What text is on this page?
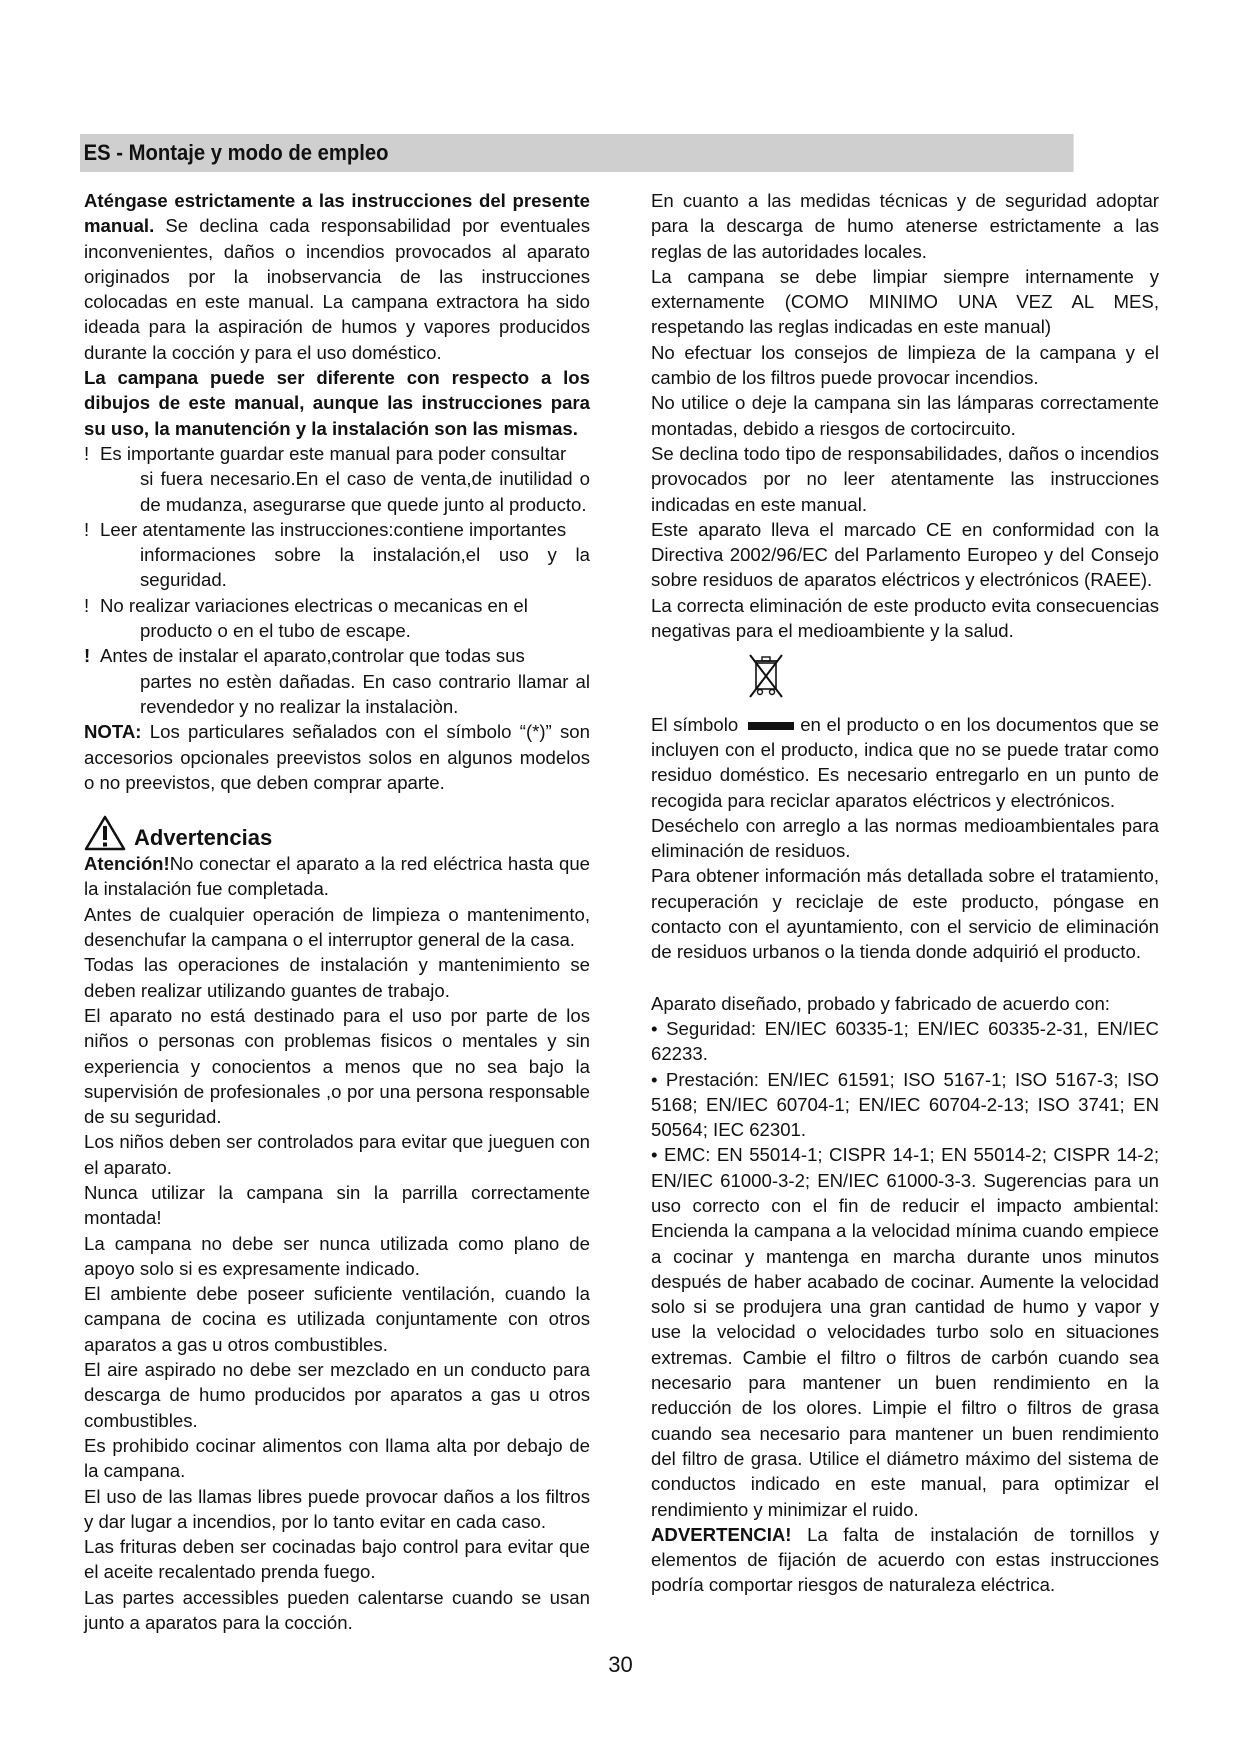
ES - Montaje y modo de empleo

Aténgase estrictamente a las instrucciones del presente manual. Se declina cada responsabilidad por eventuales inconvenientes, daños o incendios provocados al aparato originados por la inobservancia de las instrucciones colocadas en este manual. La campana extractora ha sido ideada para la aspiración de humos y vapores producidos durante la cocción y para el uso doméstico.

La campana puede ser diferente con respecto a los dibujos de este manual, aunque las instrucciones para su uso, la manutención y la instalación son las mismas.

! Es importante guardar este manual para poder consultar
si fuera necesario.En el caso de venta,de inutilidad o de mudanza, asegurarse que quede junto al producto.
! Leer atentamente las instrucciones:contiene importantes
informaciones sobre la instalación,el uso y la seguridad.
! No realizar variaciones electricas o mecanicas en el
producto o en el tubo de escape.
! Antes de instalar el aparato,controlar que todas sus
partes no estèn dañadas. En caso contrario llamar al revendedor y no realizar la instalaciòn.

NOTA: Los particulares señalados con el símbolo “(*)” son accesorios opcionales preevistos solos en algunos modelos o no preevistos, que deben comprar aparte.

Advertencias

Atención!No conectar el aparato a la red eléctrica hasta que la instalación fue completada.

Antes de cualquier operación de limpieza o mantenimento, desenchufar la campana o el interruptor general de la casa.

Todas las operaciones de instalación y mantenimiento se deben realizar utilizando guantes de trabajo.

El aparato no está destinado para el uso por parte de los niños o personas con problemas fisicos o mentales y sin experiencia y conocientos a menos que no sea bajo la supervisión de profesionales ,o por una persona responsable de su seguridad.

Los niños deben ser controlados para evitar que jueguen con el aparato.

Nunca utilizar la campana sin la parrilla correctamente montada!

La campana no debe ser nunca utilizada como plano de apoyo solo si es expresamente indicado.

El ambiente debe poseer suficiente ventilación, cuando la campana de cocina es utilizada conjuntamente con otros aparatos a gas u otros combustibles.

El aire aspirado no debe ser mezclado en un conducto para descarga de humo producidos por aparatos a gas u otros combustibles.

Es prohibido cocinar alimentos con llama alta por debajo de la campana.

El uso de las llamas libres puede provocar daños a los filtros y dar lugar a incendios, por lo tanto evitar en cada caso.

Las frituras deben ser cocinadas bajo control para evitar que el aceite recalentado prenda fuego.

Las partes accessibles pueden calentarse cuando se usan junto a aparatos para la cocción.

En cuanto a las medidas técnicas y de seguridad adoptar para la descarga de humo atenerse estrictamente a las reglas de las autoridades locales.

La campana se debe limpiar siempre internamente y externamente (COMO MINIMO UNA VEZ AL MES, respetando las reglas indicadas en este manual)

No efectuar los consejos de limpieza de la campana y el cambio de los filtros puede provocar incendios.

No utilice o deje la campana sin las lámparas correctamente montadas, debido a riesgos de cortocircuito.

Se declina todo tipo de responsabilidades, daños o incendios provocados por no leer atentamente las instrucciones indicadas en este manual.

Este aparato lleva el marcado CE en conformidad con la Directiva 2002/96/EC del Parlamento Europeo y del Consejo sobre residuos de aparatos eléctricos y electrónicos (RAEE).

La correcta eliminación de este producto evita consecuencias negativas para el medioambiente y la salud.

El símbolo	en el producto o en los documentos que se incluyen con el producto, indica que no se puede tratar como residuo doméstico. Es necesario entregarlo en un punto de recogida para reciclar aparatos eléctricos y electrónicos.

Deséchelo con arreglo a las normas medioambientales para eliminación de residuos.

Para obtener información más detallada sobre el tratamiento, recuperación y reciclaje de este producto, póngase en contacto con el ayuntamiento, con el servicio de eliminación de residuos urbanos o la tienda donde adquirió el producto.

Aparato diseñado, probado y fabricado de acuerdo con:

• Seguridad: EN/IEC 60335-1; EN/IEC 60335-2-31, EN/IEC 62233.

• Prestación: EN/IEC 61591; ISO 5167-1; ISO 5167-3; ISO 5168; EN/IEC 60704-1; EN/IEC 60704-2-13; ISO 3741; EN 50564; IEC 62301.

• EMC: EN 55014-1; CISPR 14-1; EN 55014-2; CISPR 14-2; EN/IEC 61000-3-2; EN/IEC 61000-3-3. Sugerencias para un uso correcto con el fin de reducir el impacto ambiental: Encienda la campana a la velocidad mínima cuando empiece a cocinar y mantenga en marcha durante unos minutos después de haber acabado de cocinar. Aumente la velocidad solo si se produjera una gran cantidad de humo y vapor y use la velocidad o velocidades turbo solo en situaciones extremas. Cambie el filtro o filtros de carbón cuando sea necesario para mantener un buen rendimiento en la reducción de los olores. Limpie el filtro o filtros de grasa cuando sea necesario para mantener un buen rendimiento del filtro de grasa. Utilice el diámetro máximo del sistema de conductos indicado en este manual, para optimizar el rendimiento y minimizar el ruido.

ADVERTENCIA! La falta de instalación de tornillos y elementos de fijación de acuerdo con estas instrucciones podría comportar riesgos de naturaleza eléctrica.

30
